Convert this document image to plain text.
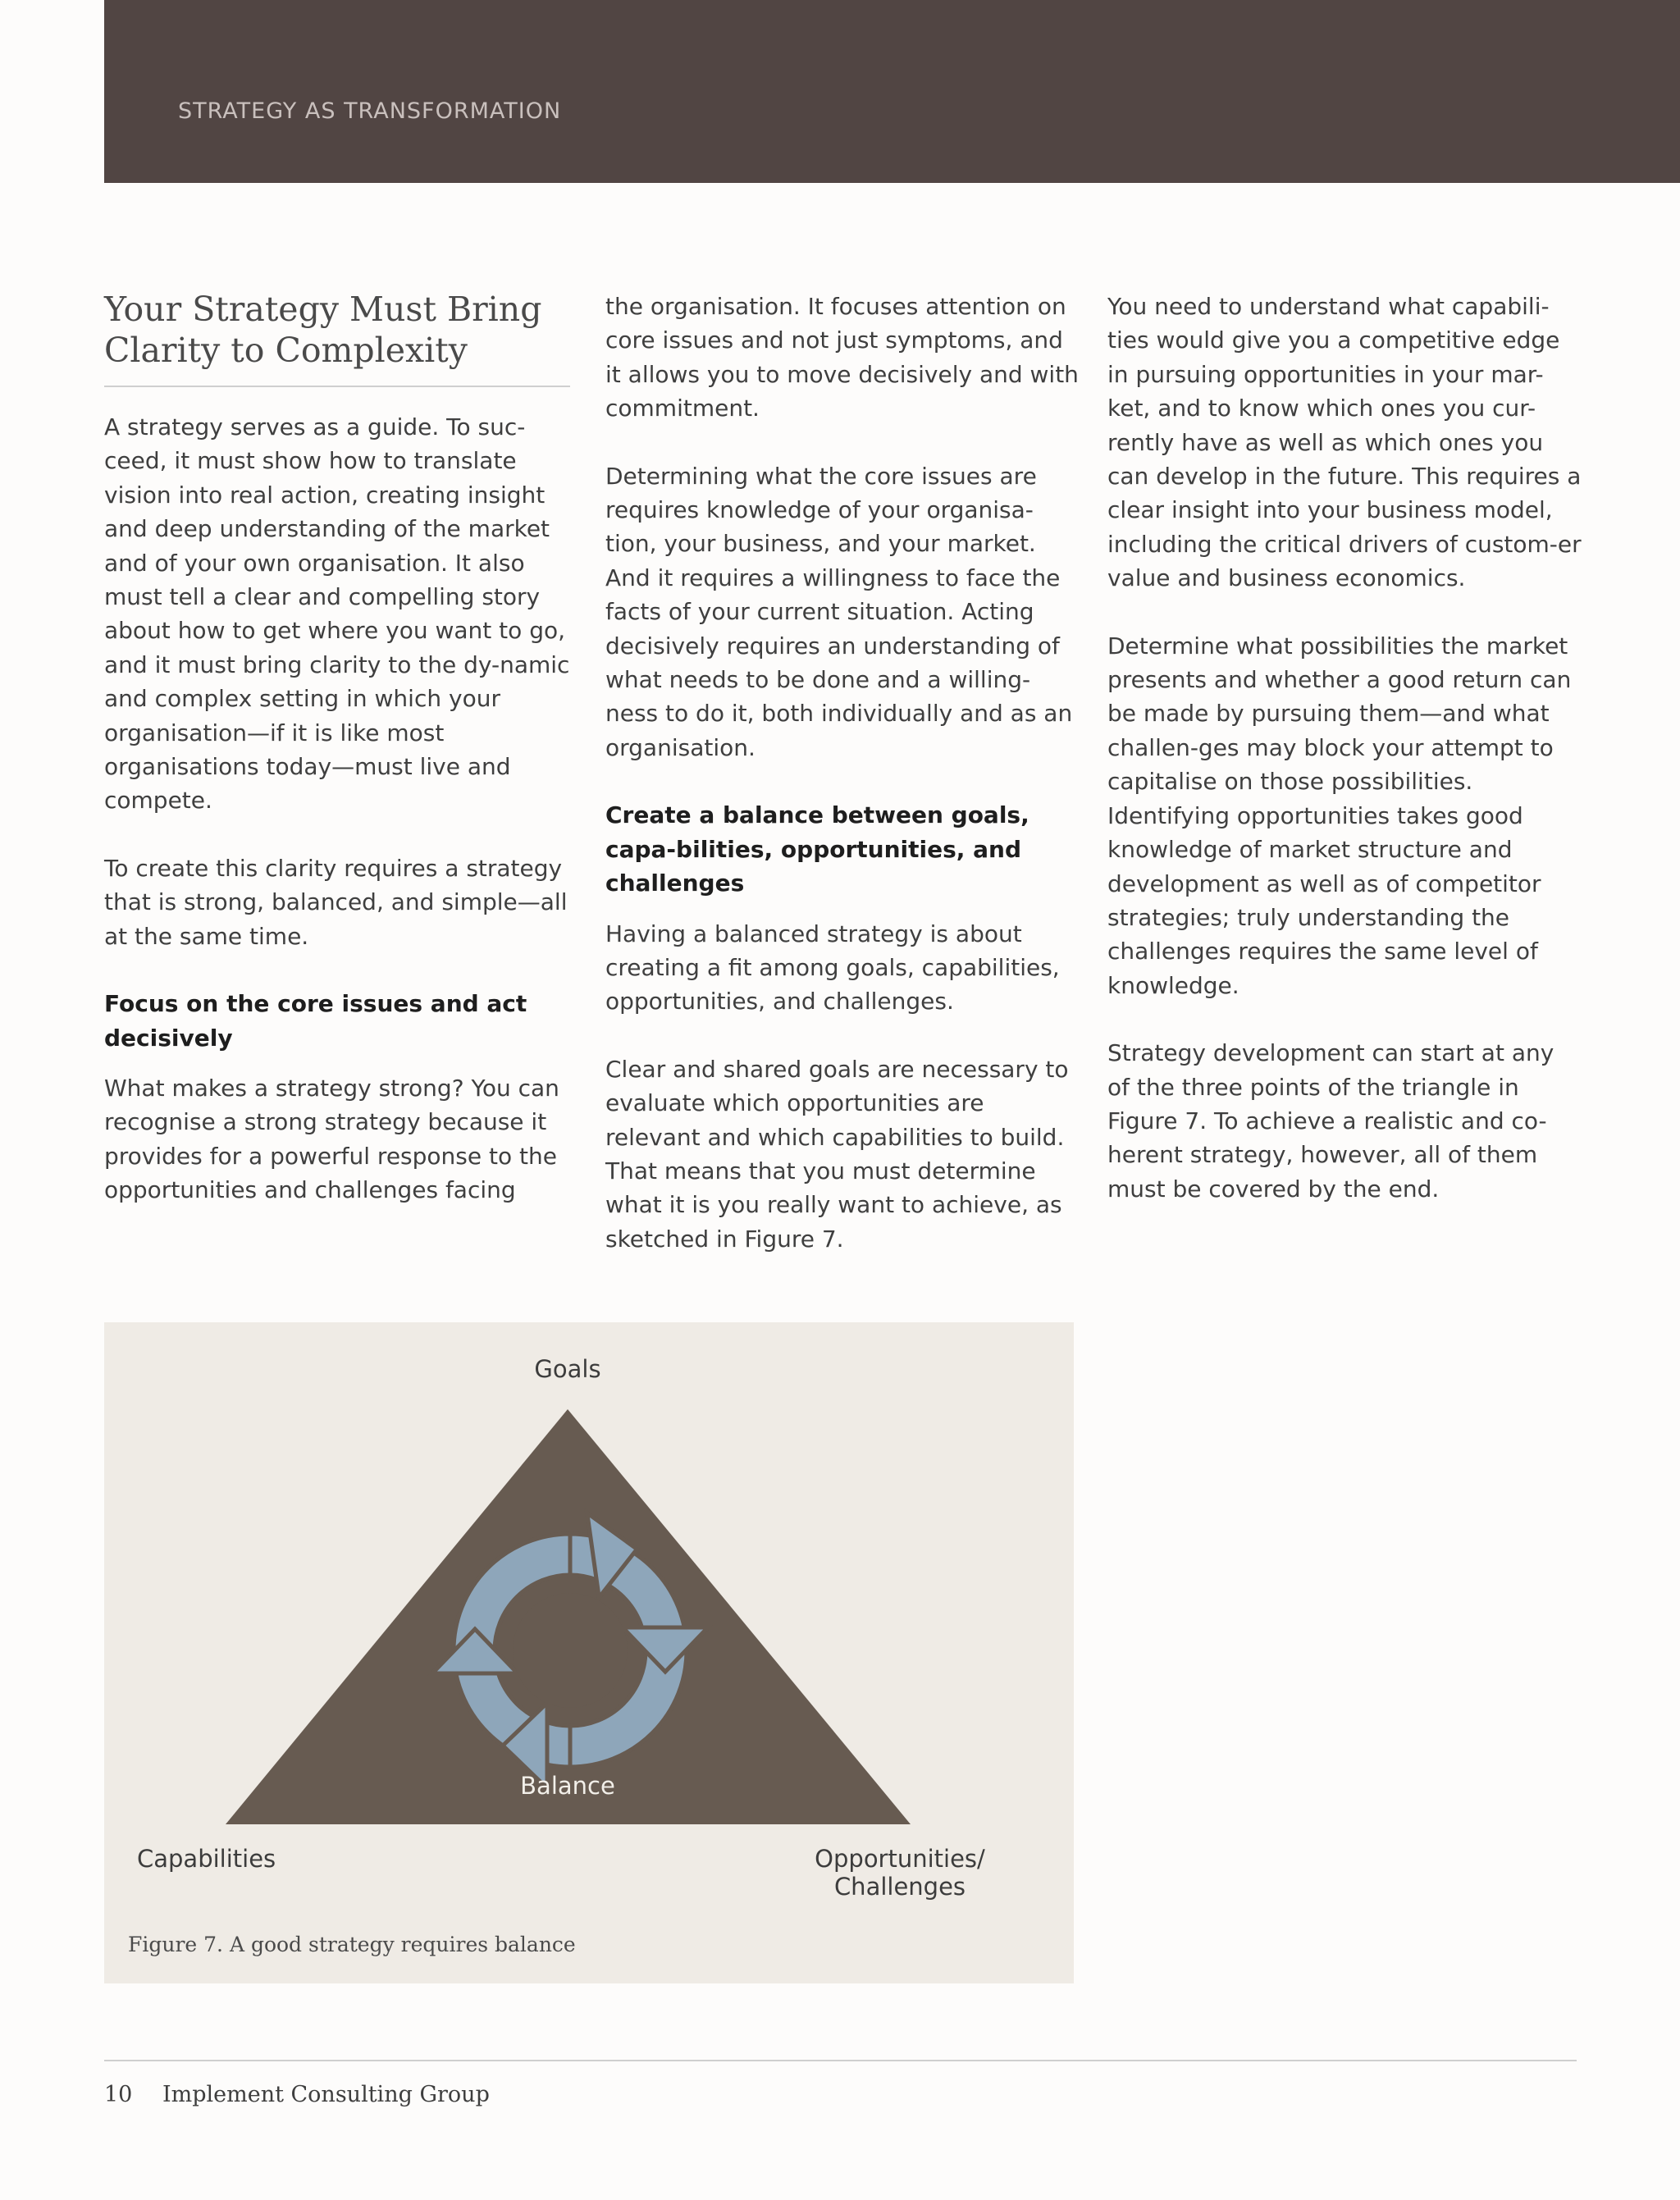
STRATEGY AS TRANSFORMATION
Your Strategy Must Bring Clarity to Complexity

A strategy serves as a guide. To suc-ceed, it must show how to translate vision into real action, creating insight and deep understanding of the market and of your own organisation. It also must tell a clear and compelling story about how to get where you want to go, and it must bring clarity to the dy-namic and complex setting in which your organisation—if it is like most organisations today—must live and compete.

To create this clarity requires a strategy that is strong, balanced, and simple—all at the same time.

Focus on the core issues and act decisively

What makes a strategy strong? You can recognise a strong strategy because it provides for a powerful response to the opportunities and challenges facing

the organisation. It focuses attention on core issues and not just symptoms, and it allows you to move decisively and with commitment.

Determining what the core issues are requires knowledge of your organisa-tion, your business, and your market. And it requires a willingness to face the facts of your current situation. Acting decisively requires an understanding of what needs to be done and a willing-ness to do it, both individually and as an organisation.

Create a balance between goals, capa-bilities, opportunities, and challenges

Having a balanced strategy is about creating a fit among goals, capabilities, opportunities, and challenges.

Clear and shared goals are necessary to evaluate which opportunities are relevant and which capabilities to build. That means that you must determine what it is you really want to achieve, as sketched in Figure 7.

You need to understand what capabili-ties would give you a competitive edge in pursuing opportunities in your mar-ket, and to know which ones you cur-rently have as well as which ones you can develop in the future. This requires a clear insight into your business model, including the critical drivers of custom-er value and business economics.

Determine what possibilities the market presents and whether a good return can be made by pursuing them—and what challen-ges may block your attempt to capitalise on those possibilities. Identifying opportunities takes good knowledge of market structure and development as well as of competitor strategies; truly understanding the challenges requires the same level of knowledge.

Strategy development can start at any of the three points of the triangle in Figure 7. To achieve a realistic and co-herent strategy, however, all of them must be covered by the end.

Goals
Balance
Capabilities	Opportunities/
Challenges
Figure 7. A good strategy requires balance
10 Implement Consulting Group
